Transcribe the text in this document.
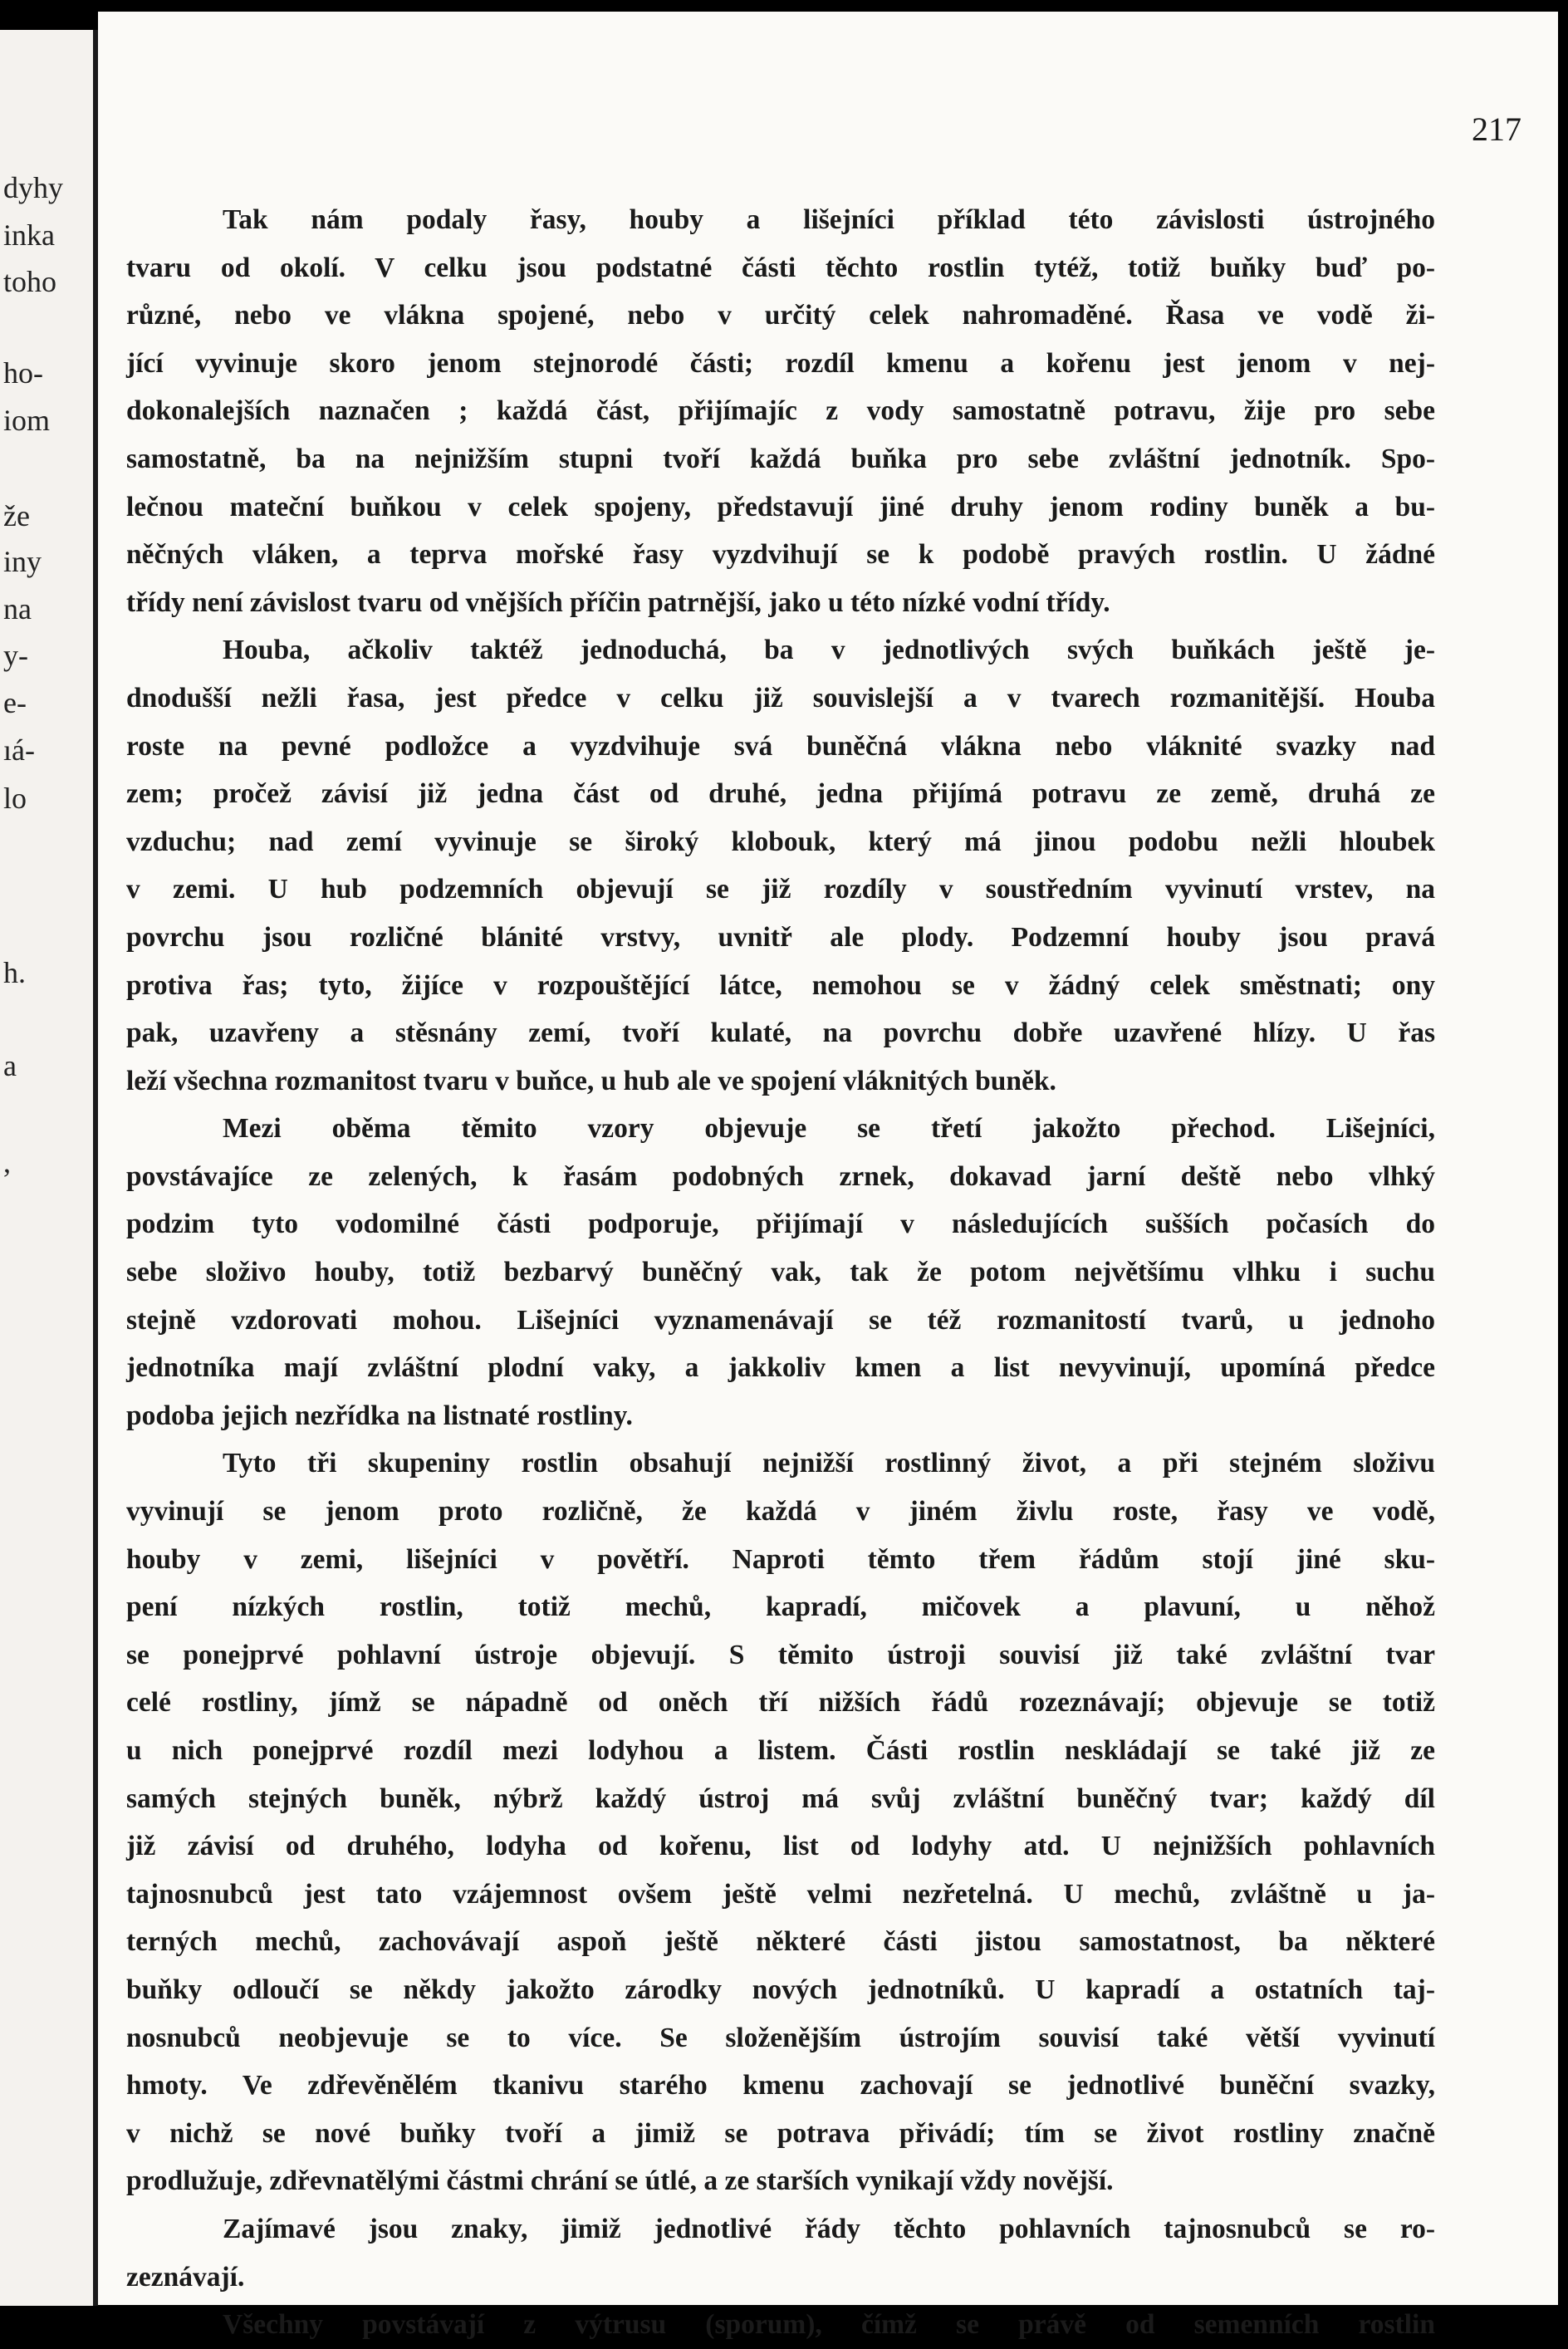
dyhy
inka
toho
ho-
iom
že
iny
na
y-
e-
ıá-
lo
h.
a
,
217
Tak nám podaly řasy, houby a lišejníci příklad této závislosti ústrojného
tvaru od okolí. V celku jsou podstatné části těchto rostlin tytéž, totiž buňky buď po-
různé, nebo ve vlákna spojené, nebo v určitý celek nahromaděné. Řasa ve vodě ži-
jící vyvinuje skoro jenom stejnorodé části; rozdíl kmenu a kořenu jest jenom v nej-
dokonalejších naznačen ; každá část, přijímajíc z vody samostatně potravu, žije pro sebe
samostatně, ba na nejnižším stupni tvoří každá buňka pro sebe zvláštní jednotník. Spo-
lečnou mateční buňkou v celek spojeny, představují jiné druhy jenom rodiny buněk a bu-
něčných vláken, a teprva mořské řasy vyzdvihují se k podobě pravých rostlin. U žádné
třídy není závislost tvaru od vnějších příčin patrnější, jako u této nízké vodní třídy.
Houba, ačkoliv taktéž jednoduchá, ba v jednotlivých svých buňkách ještě je-
dnodušší nežli řasa, jest předce v celku již souvislejší a v tvarech rozmanitější. Houba
roste na pevné podložce a vyzdvihuje svá buněčná vlákna nebo vláknité svazky nad
zem; pročež závisí již jedna část od druhé, jedna přijímá potravu ze země, druhá ze
vzduchu; nad zemí vyvinuje se široký klobouk, který má jinou podobu nežli hloubek
v zemi. U hub podzemních objevují se již rozdíly v soustředním vyvinutí vrstev, na
povrchu jsou rozličné blánité vrstvy, uvnitř ale plody. Podzemní houby jsou pravá
protiva řas; tyto, žijíce v rozpouštějící látce, nemohou se v žádný celek směstnati; ony
pak, uzavřeny a stěsnány zemí, tvoří kulaté, na povrchu dobře uzavřené hlízy. U řas
leží všechna rozmanitost tvaru v buňce, u hub ale ve spojení vláknitých buněk.
Mezi oběma těmito vzory objevuje se třetí jakožto přechod. Lišejníci,
povstávajíce ze zelených, k řasám podobných zrnek, dokavad jarní deště nebo vlhký
podzim tyto vodomilné části podporuje, přijímají v následujících sušších počasích do
sebe složivo houby, totiž bezbarvý buněčný vak, tak že potom největšímu vlhku i suchu
stejně vzdorovati mohou. Lišejníci vyznamenávají se též rozmanitostí tvarů, u jednoho
jednotníka mají zvláštní plodní vaky, a jakkoliv kmen a list nevyvinují, upomíná předce
podoba jejich nezřídka na listnaté rostliny.
Tyto tři skupeniny rostlin obsahují nejnižší rostlinný život, a při stejném složivu
vyvinují se jenom proto rozličně, že každá v jiném živlu roste, řasy ve vodě,
houby v zemi, lišejníci v povětří. Naproti těmto třem řádům stojí jiné sku-
pení nízkých rostlin, totiž mechů, kapradí, mičovek a plavuní, u něhož
se ponejprvé pohlavní ústroje objevují. S těmito ústroji souvisí již také zvláštní tvar
celé rostliny, jímž se nápadně od oněch tří nižších řádů rozeznávají; objevuje se totiž
u nich ponejprvé rozdíl mezi lodyhou a listem. Části rostlin neskládají se také již ze
samých stejných buněk, nýbrž každý ústroj má svůj zvláštní buněčný tvar; každý díl
již závisí od druhého, lodyha od kořenu, list od lodyhy atd. U nejnižších pohlavních
tajnosnubců jest tato vzájemnost ovšem ještě velmi nezřetelná. U mechů, zvláštně u ja-
terných mechů, zachovávají aspoň ještě některé části jistou samostatnost, ba některé
buňky odloučí se někdy jakožto zárodky nových jednotníků. U kapradí a ostatních taj-
nosnubců neobjevuje se to více. Se složenějším ústrojím souvisí také větší vyvinutí
hmoty. Ve zdřevěnělém tkanivu starého kmenu zachovají se jednotlivé buněční svazky,
v nichž se nové buňky tvoří a jimiž se potrava přivádí; tím se život rostliny značně
prodlužuje, zdřevnatělými částmi chrání se útlé, a ze starších vynikají vždy novější.
Zajímavé jsou znaky, jimiž jednotlivé řády těchto pohlavních tajnosnubců se ro-
zeznávají.
Všechny povstávají z výtrusu (sporum), čímž se právě od semenních rostlin
